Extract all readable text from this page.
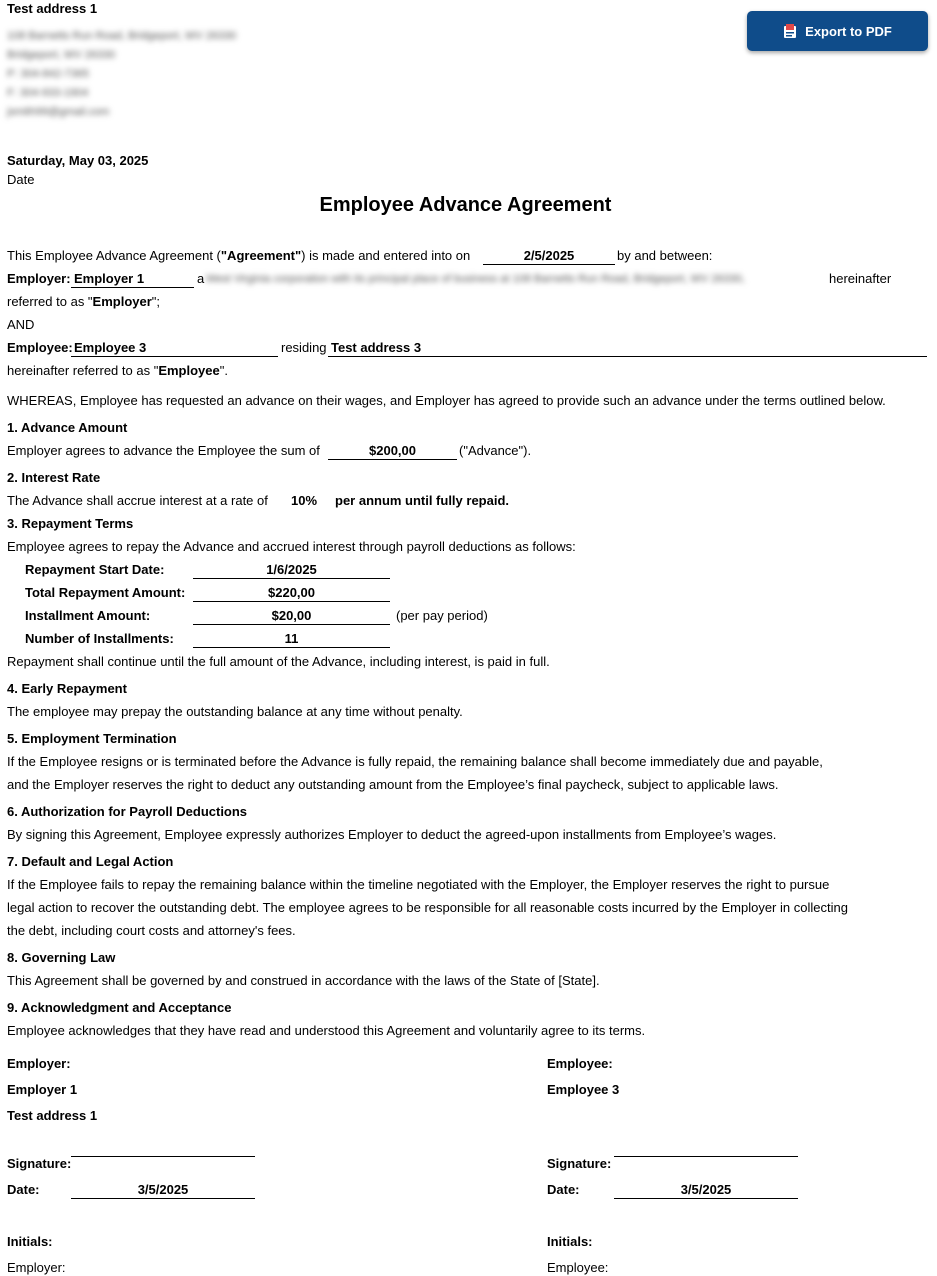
Export to PDF
Test address 1
108 Barnetts Run Road, Bridgeport, WV 26330
Bridgeport, WV 26330
P: 304-842-7365
F: 304-933-1904
jsmith99@gmail.com
Saturday, May 03, 2025
Date
Employee Advance Agreement
This Employee Advance Agreement ("Agreement") is made and entered into on	2/5/2025	by and between:
Employer: Employer 1	a West Virginia corporation with its principal place of business at 108 Barnetts Run Road, Bridgeport, WV 26330,	hereinafter
referred to as "Employer";
AND
Employee: Employee 3	residing Test address 3
hereinafter referred to as "Employee".
WHEREAS, Employee has requested an advance on their wages, and Employer has agreed to provide such an advance under the terms outlined below.
1. Advance Amount
Employer agrees to advance the Employee the sum of	$200,00	("Advance").
2. Interest Rate
The Advance shall accrue interest at a rate of 10% per annum until fully repaid.
3. Repayment Terms
Employee agrees to repay the Advance and accrued interest through payroll deductions as follows:
Repayment Start Date:	1/6/2025
Total Repayment Amount:	$220,00
Installment Amount:	$20,00	(per pay period)
Number of Installments:	11
Repayment shall continue until the full amount of the Advance, including interest, is paid in full.
4. Early Repayment
The employee may prepay the outstanding balance at any time without penalty.
5. Employment Termination
If the Employee resigns or is terminated before the Advance is fully repaid, the remaining balance shall become immediately due and payable,
and the Employer reserves the right to deduct any outstanding amount from the Employee’s final paycheck, subject to applicable laws.
6. Authorization for Payroll Deductions
By signing this Agreement, Employee expressly authorizes Employer to deduct the agreed-upon installments from Employee’s wages.
7. Default and Legal Action
If the Employee fails to repay the remaining balance within the timeline negotiated with the Employer, the Employer reserves the right to pursue
legal action to recover the outstanding debt. The employee agrees to be responsible for all reasonable costs incurred by the Employer in collecting
the debt, including court costs and attorney's fees.
8. Governing Law
This Agreement shall be governed by and construed in accordance with the laws of the State of [State].
9. Acknowledgment and Acceptance
Employee acknowledges that they have read and understood this Agreement and voluntarily agree to its terms.
Employer:
Employer 1
Test address 1
Signature:
Date:	3/5/2025
Initials:
Employer:
Employee:
Employee 3
Signature:
Date:	3/5/2025
Initials:
Employee:
